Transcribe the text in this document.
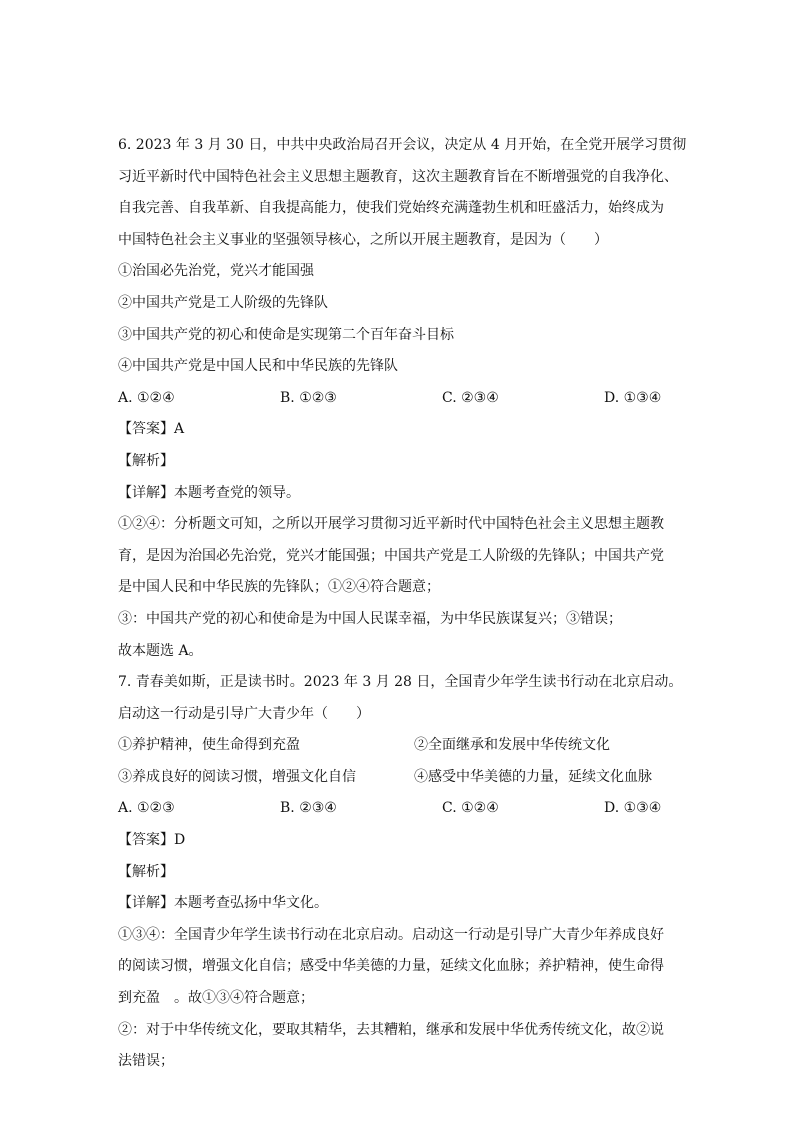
6. 2023 年 3 月 30 日，中共中央政治局召开会议，决定从 4 月开始，在全党开展学习贯彻
习近平新时代中国特色社会主义思想主题教育，这次主题教育旨在不断增强党的自我净化、
自我完善、自我革新、自我提高能力，使我们党始终充满蓬勃生机和旺盛活力，始终成为
中国特色社会主义事业的坚强领导核心，之所以开展主题教育，是因为（　　）
①治国必先治党，党兴才能国强
②中国共产党是工人阶级的先锋队
③中国共产党的初心和使命是实现第二个百年奋斗目标
④中国共产党是中国人民和中华民族的先锋队
A. ①②④	B. ①②③	C. ②③④	D. ①③④
【答案】A
【解析】
【详解】本题考查党的领导。
①②④：分析题文可知，之所以开展学习贯彻习近平新时代中国特色社会主义思想主题教
育，是因为治国必先治党，党兴才能国强；中国共产党是工人阶级的先锋队；中国共产党
是中国人民和中华民族的先锋队；①②④符合题意；
③：中国共产党的初心和使命是为中国人民谋幸福，为中华民族谋复兴；③错误；
故本题选 A。
7. 青春美如斯，正是读书时。2023 年 3 月 28 日，全国青少年学生读书行动在北京启动。
启动这一行动是引导广大青少年（　　）
①养护精神，使生命得到充盈	②全面继承和发展中华传统文化
③养成良好的阅读习惯，增强文化自信	④感受中华美德的力量，延续文化血脉
A. ①②③	B. ②③④	C. ①②④	D. ①③④
【答案】D
【解析】
【详解】本题考查弘扬中华文化。
①③④：全国青少年学生读书行动在北京启动。启动这一行动是引导广大青少年养成良好
的阅读习惯，增强文化自信；感受中华美德的力量，延续文化血脉；养护精神，使生命得
到充盈　。故①③④符合题意；
②：对于中华传统文化，要取其精华，去其糟粕，继承和发展中华优秀传统文化，故②说
法错误；
